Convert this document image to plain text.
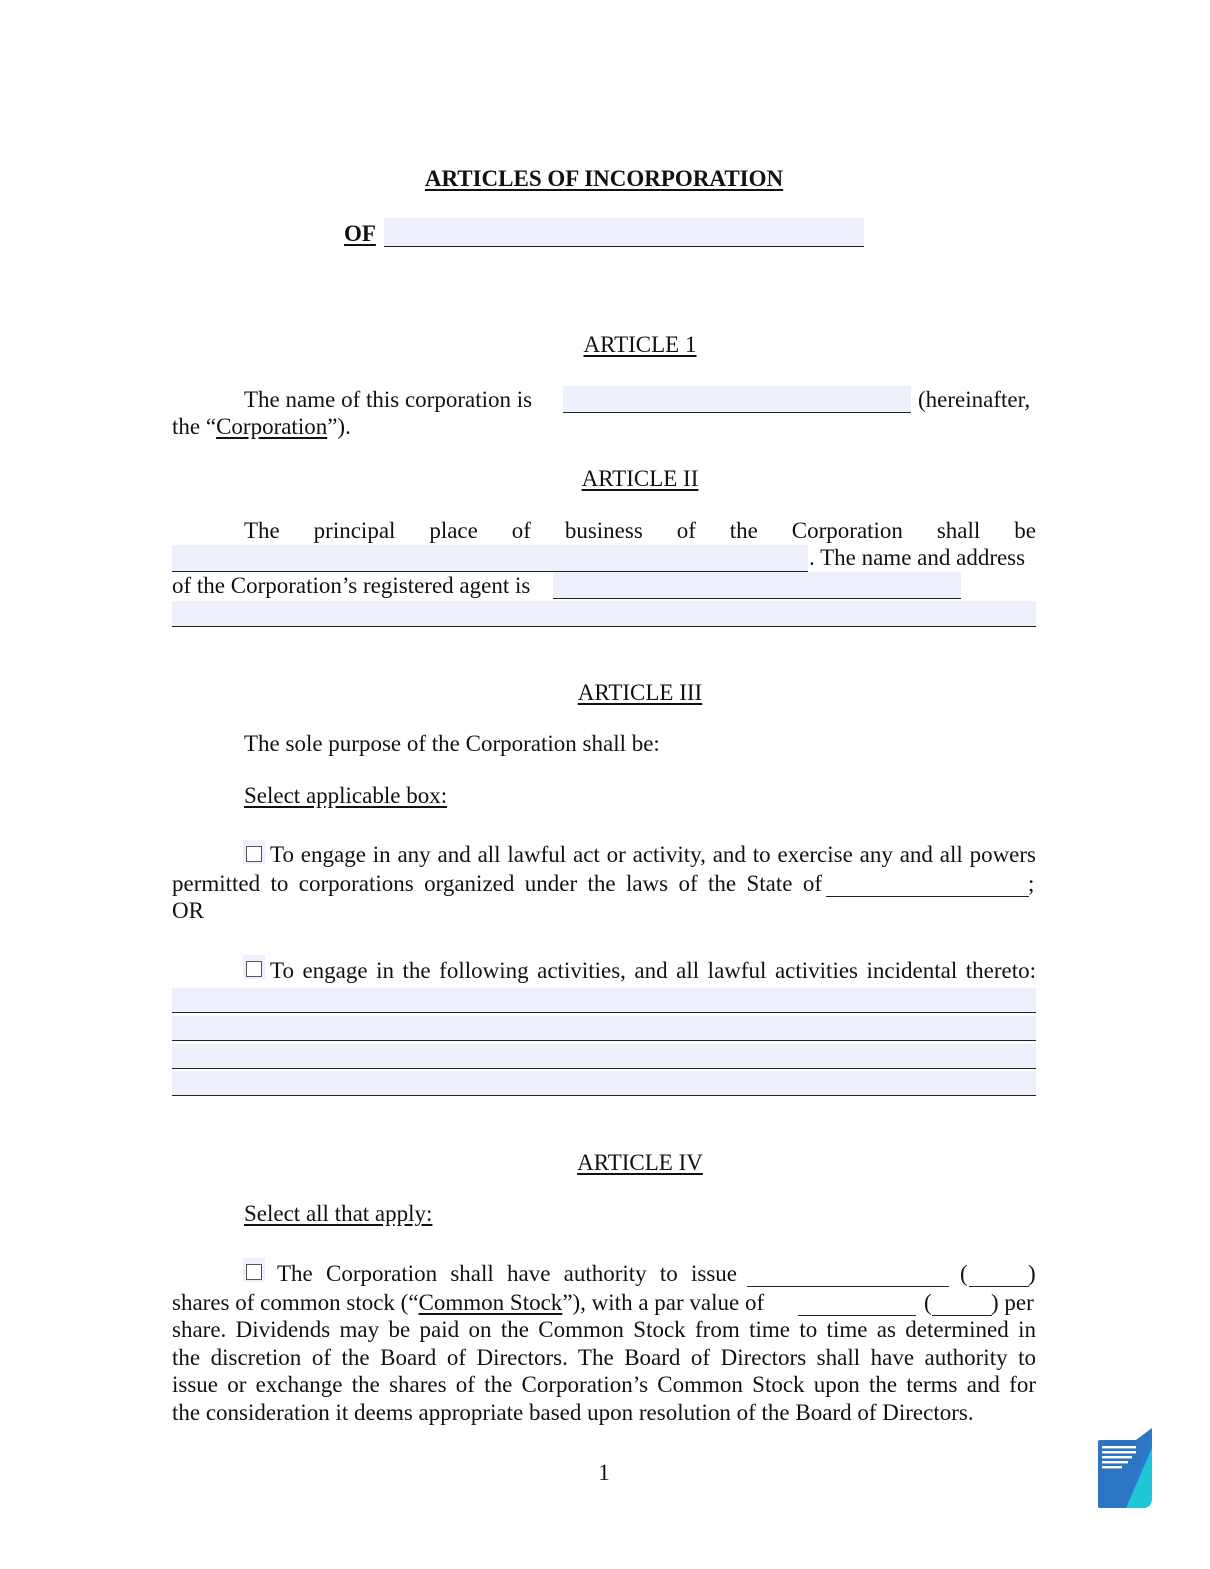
ARTICLES OF INCORPORATION
OF
ARTICLE 1
The name of this corporation is	(hereinafter,
the “Corporation”).
ARTICLE II
The principal place of business of the Corporation shall be
. The name and address
of the Corporation’s registered agent is
ARTICLE III
The sole purpose of the Corporation shall be:
Select applicable box:
To engage in any and all lawful act or activity, and to exercise any and all powers
permitted to corporations organized under the laws of the State of	;
OR
To engage in the following activities, and all lawful activities incidental thereto:
ARTICLE IV
Select all that apply:
The Corporation shall have authority to issue	(	)
shares of common stock (“Common Stock”), with a par value of	(	) per
share. Dividends may be paid on the Common Stock from time to time as determined in
the discretion of the Board of Directors. The Board of Directors shall have authority to
issue or exchange the shares of the Corporation’s Common Stock upon the terms and for
the consideration it deems appropriate based upon resolution of the Board of Directors.
1
